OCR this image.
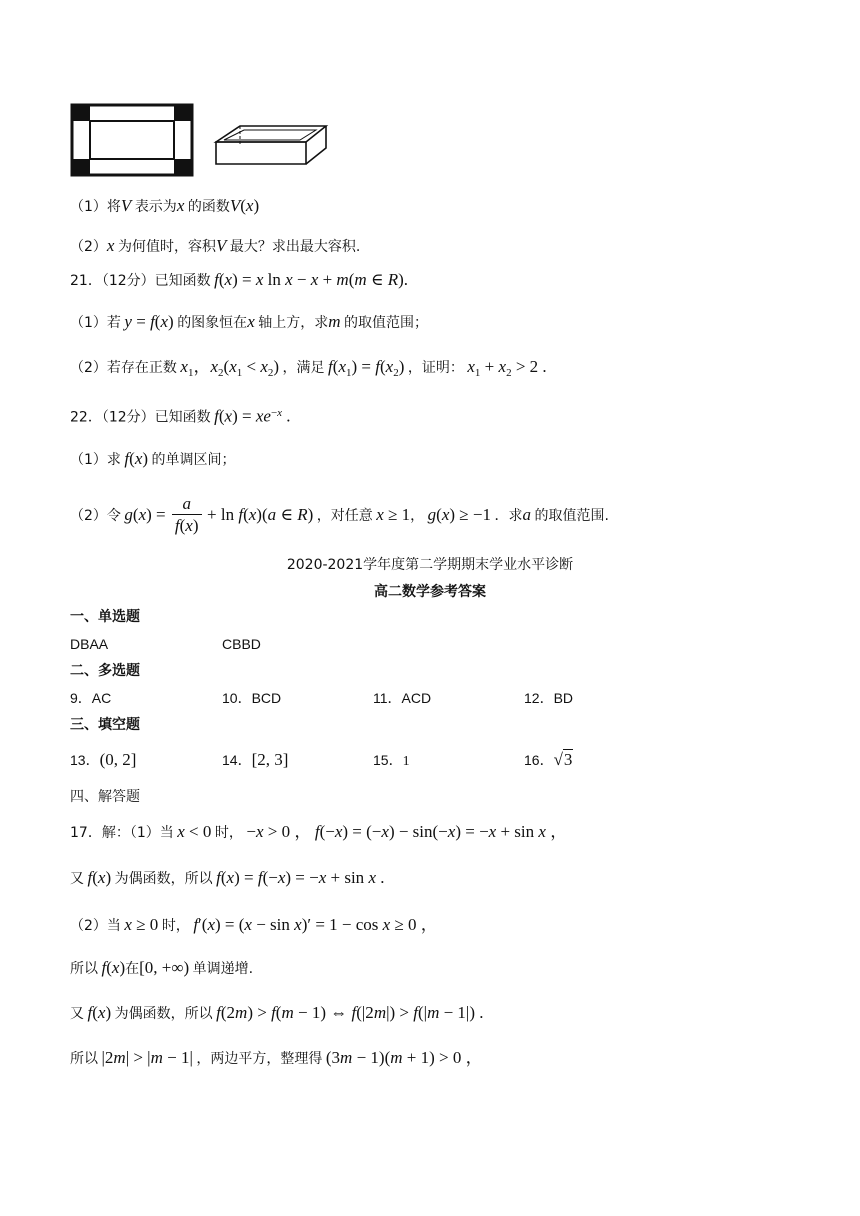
（1）将V 表示为x 的函数V(x)
（2）x 为何值时，容积V 最大？求出最大容积.
21．（12分）已知函数 f(x) = x ln x − x + m(m ∈ R).
（1）若 y = f(x) 的图象恒在x 轴上方，求m 的取值范围；
（2）若存在正数 $x_1$，$x_2(x_1 < x_2)$ ，满足 $f(x_1) = f(x_2)$ ，证明： $x_1 + x_2 > 2$ .
22．（12分）已知函数 $f(x) = xe^{-x}$ .
（1）求 f(x) 的单调区间；
（2）令 $g(x) = \frac{a}{f(x)} + \ln f(x)(a$ ∈ R) ，对任意 x ≥ 1， g(x) ≥ −1 ．求a 的取值范围.
2020-2021学年度第二学期期末学业水平诊断
高二数学参考答案
一、单选题
DBAA	CBBD
二、多选题
9．AC	10．BCD	11．ACD	12．BD
三、填空题
13．(0, 2]	14．[2, 3]	15．1	16．√3
四、解答题
17．解：（1）当 x < 0 时， −x > 0 ， f(−x) = (−x) − sin(−x) = −x + sin x ，
又 f(x) 为偶函数，所以 f(x) = f(−x) = −x + sin x .
（2）当 x ≥ 0 时， f′(x) = (x − sin x)′ = 1 − cos x ≥ 0 ，
所以 f(x)在[0, +∞) 单调递增.
又 f(x) 为偶函数，所以 f(2m) > f(m − 1) ⇔ f(|2m|) > f(|m − 1|) .
所以 |2m| > |m − 1| ，两边平方，整理得 (3m − 1)(m + 1) > 0 ，
